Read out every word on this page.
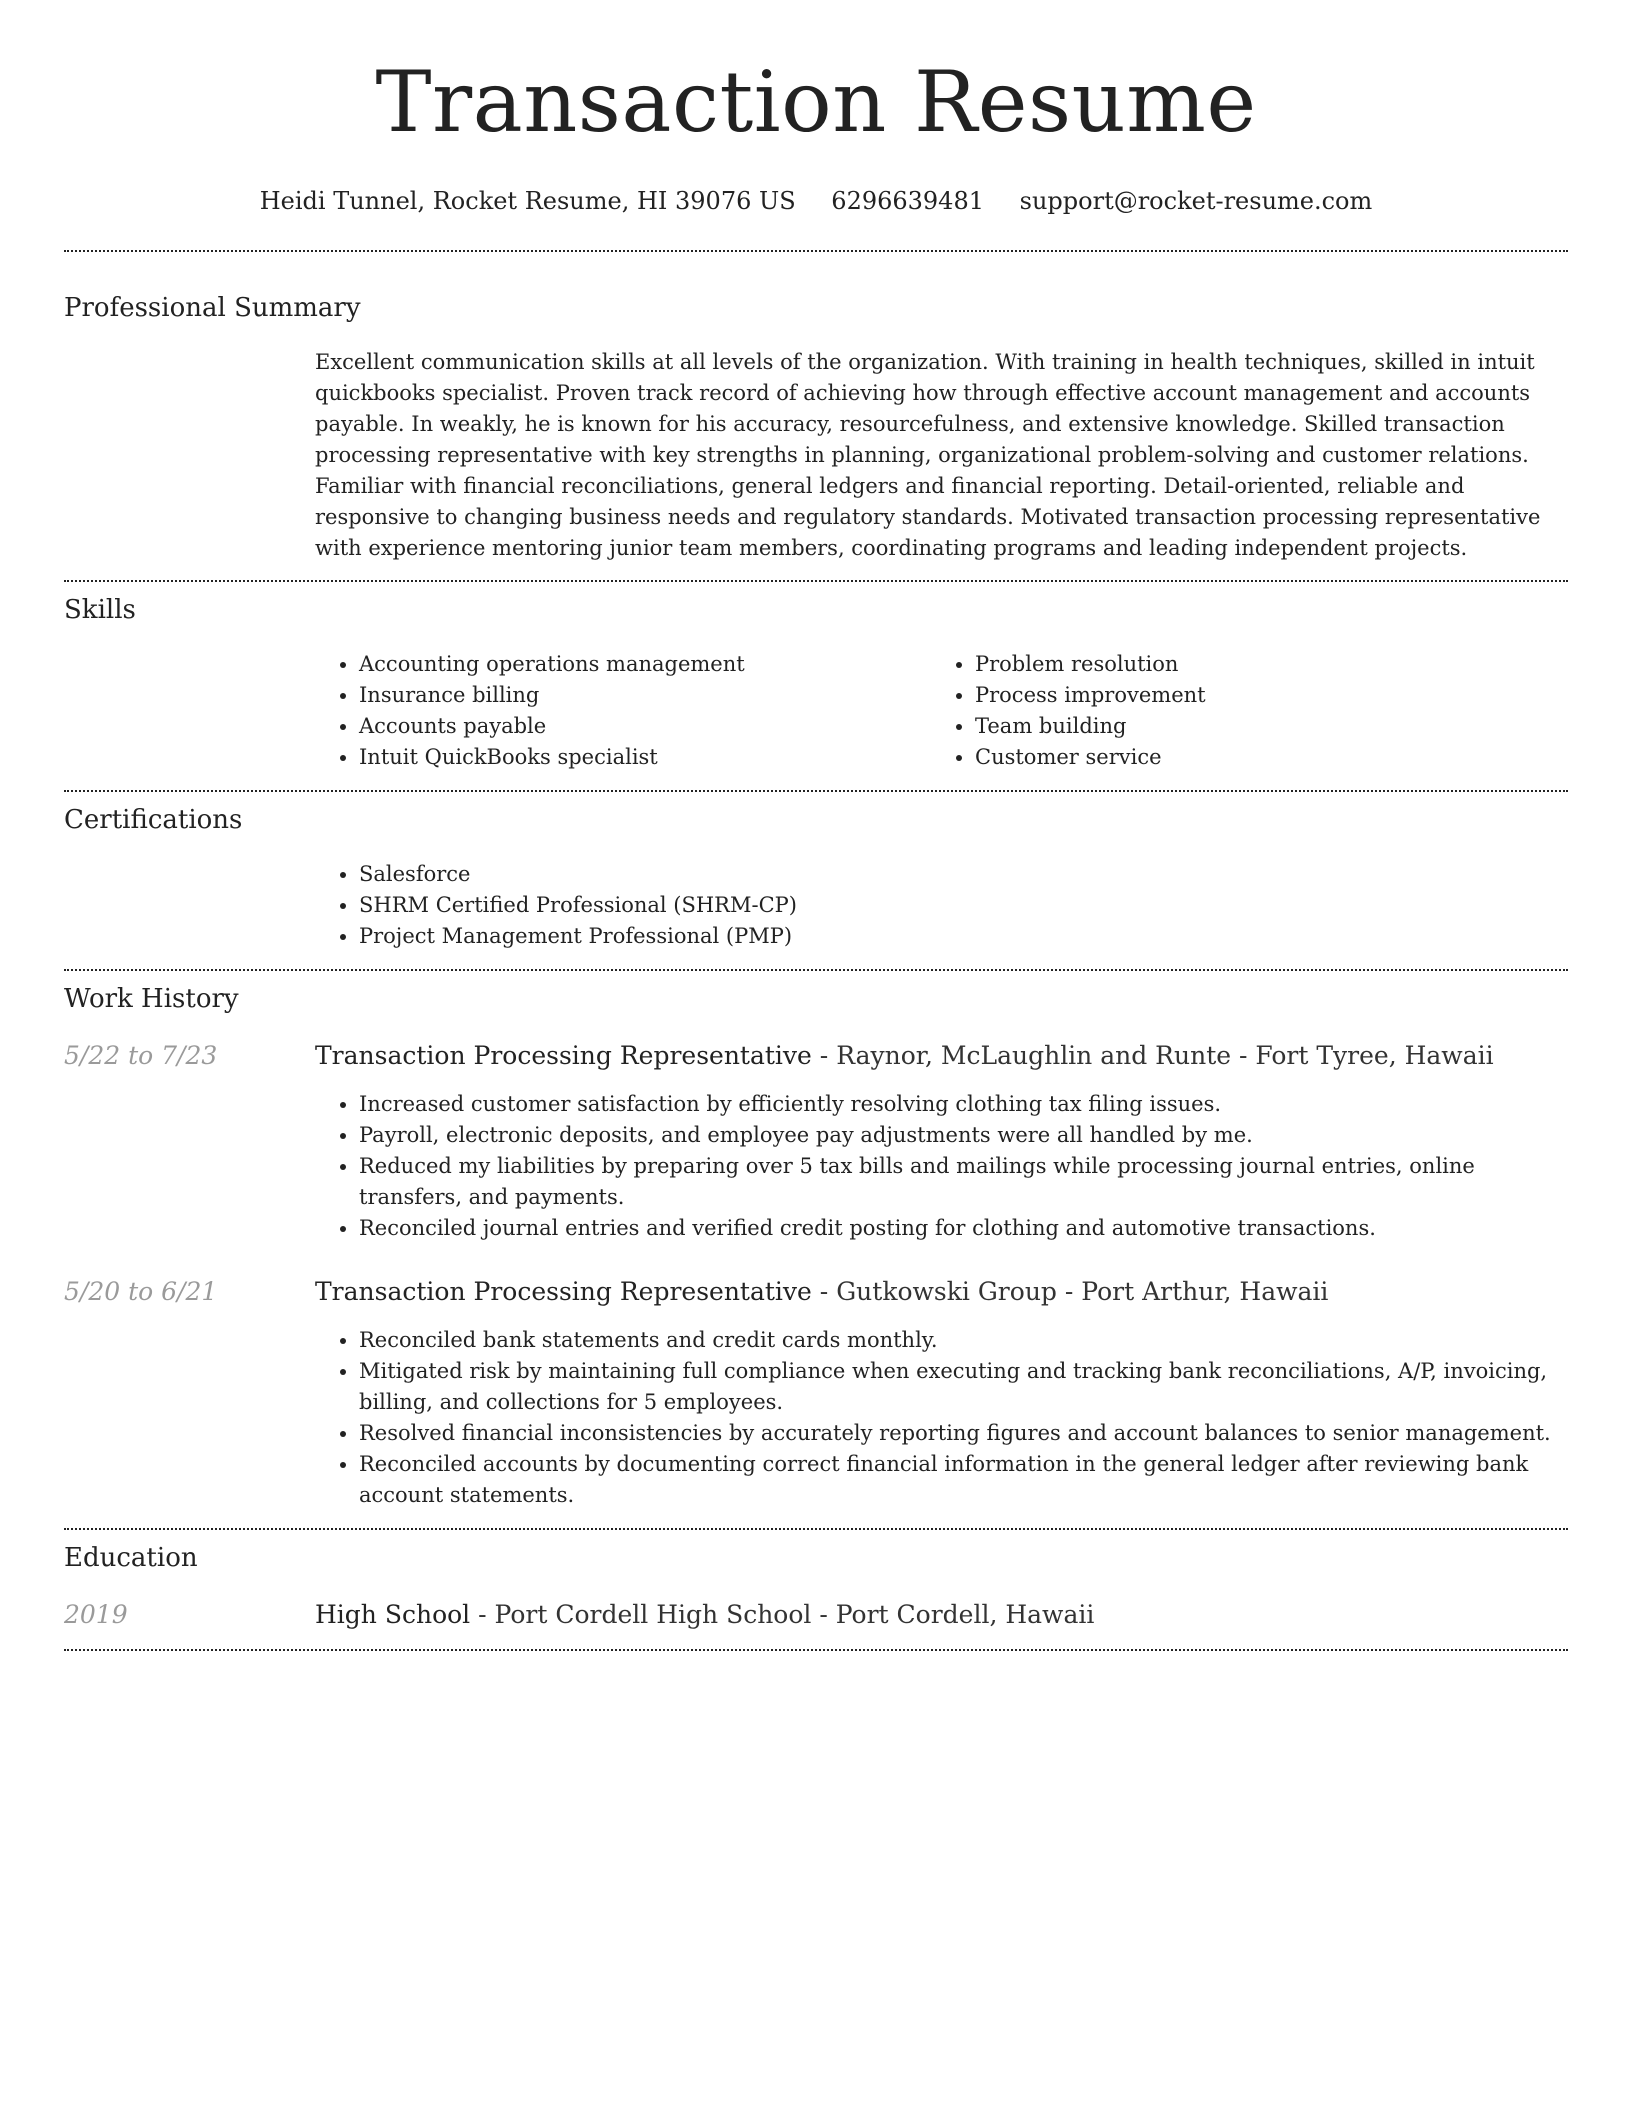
Transaction Resume
Heidi Tunnel, Rocket Resume, HI 39076 US 6296639481 support@rocket-resume.com
Professional Summary

Excellent communication skills at all levels of the organization. With training in health techniques, skilled in intuit quickbooks specialist. Proven track record of achieving how through effective account management and accounts payable. In weakly, he is known for his accuracy, resourcefulness, and extensive knowledge. Skilled transaction processing representative with key strengths in planning, organizational problem-solving and customer relations. Familiar with financial reconciliations, general ledgers and financial reporting. Detail-oriented, reliable and responsive to changing business needs and regulatory standards. Motivated transaction processing representative with experience mentoring junior team members, coordinating programs and leading independent projects.

Skills
• Accounting operations management
• Insurance billing
• Accounts payable
• Intuit QuickBooks specialist
• Problem resolution
• Process improvement
• Team building
• Customer service
Certifications
• Salesforce
• SHRM Certified Professional (SHRM-CP)
• Project Management Professional (PMP)
Work History
5/22 to 7/23	Transaction Processing Representative - Raynor, McLaughlin and Runte - Fort Tyree, Hawaii
• Increased customer satisfaction by efficiently resolving clothing tax filing issues.
• Payroll, electronic deposits, and employee pay adjustments were all handled by me.
• Reduced my liabilities by preparing over 5 tax bills and mailings while processing journal entries, online transfers, and payments.
• Reconciled journal entries and verified credit posting for clothing and automotive transactions.
5/20 to 6/21	Transaction Processing Representative - Gutkowski Group - Port Arthur, Hawaii
• Reconciled bank statements and credit cards monthly.
• Mitigated risk by maintaining full compliance when executing and tracking bank reconciliations, A/P, invoicing, billing, and collections for 5 employees.
• Resolved financial inconsistencies by accurately reporting figures and account balances to senior management.
• Reconciled accounts by documenting correct financial information in the general ledger after reviewing bank account statements.
Education
2019	High School - Port Cordell High School - Port Cordell, Hawaii
